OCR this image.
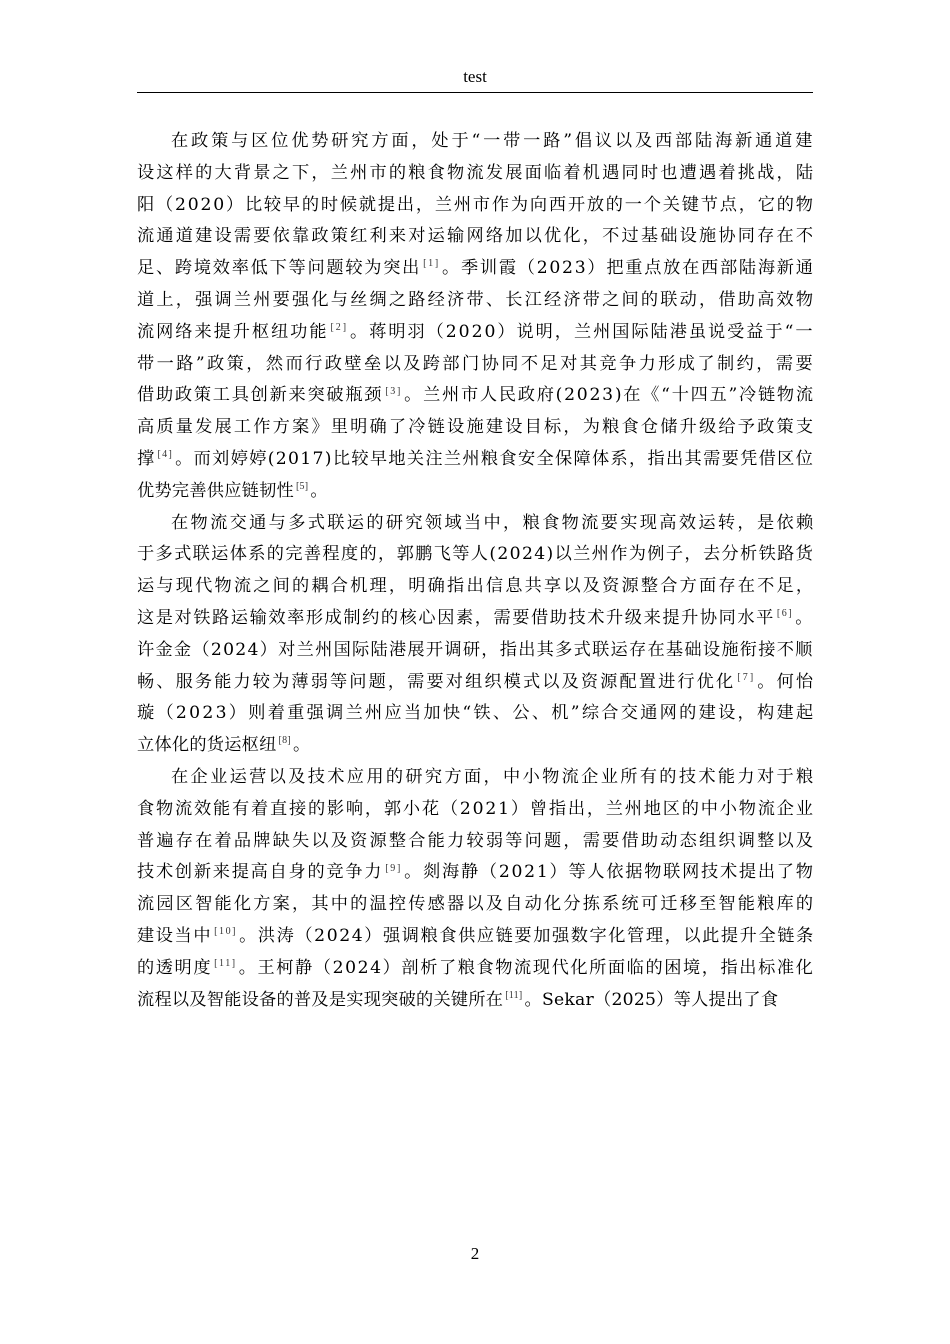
test
在政策与区位优势研究方面，处于“一带一路”倡议以及西部陆海新通道建
设这样的大背景之下，兰州市的粮食物流发展面临着机遇同时也遭遇着挑战，陆
阳（2020）比较早的时候就提出，兰州市作为向西开放的一个关键节点，它的物
流通道建设需要依靠政策红利来对运输网络加以优化，不过基础设施协同存在不
足、跨境效率低下等问题较为突出 [1] 。季训霞（2023）把重点放在西部陆海新通
道上，强调兰州要强化与丝绸之路经济带、长江经济带之间的联动，借助高效物
流网络来提升枢纽功能 [2] 。蒋明羽（2020）说明，兰州国际陆港虽说受益于“一
带一路”政策，然而行政壁垒以及跨部门协同不足对其竞争力形成了制约，需要
借助政策工具创新来突破瓶颈 [3] 。兰州市人民政府(2023)在《“十四五”冷链物流
高质量发展工作方案》里明确了冷链设施建设目标，为粮食仓储升级给予政策支
撑 [4] 。而刘婷婷(2017)比较早地关注兰州粮食安全保障体系，指出其需要凭借区位
优势完善供应链韧性 [5] 。
在物流交通与多式联运的研究领域当中，粮食物流要实现高效运转，是依赖
于多式联运体系的完善程度的，郭鹏飞等人(2024)以兰州作为例子，去分析铁路货
运与现代物流之间的耦合机理，明确指出信息共享以及资源整合方面存在不足，
这是对铁路运输效率形成制约的核心因素，需要借助技术升级来提升协同水平 [6] 。
许金金（2024）对兰州国际陆港展开调研，指出其多式联运存在基础设施衔接不顺
畅、服务能力较为薄弱等问题，需要对组织模式以及资源配置进行优化 [7] 。何怡
璇（2023）则着重强调兰州应当加快“铁、公、机”综合交通网的建设，构建起
立体化的货运枢纽 [8] 。
在企业运营以及技术应用的研究方面，中小物流企业所有的技术能力对于粮
食物流效能有着直接的影响，郭小花（2021）曾指出，兰州地区的中小物流企业
普遍存在着品牌缺失以及资源整合能力较弱等问题，需要借助动态组织调整以及
技术创新来提高自身的竞争力 [9] 。剡海静（2021）等人依据物联网技术提出了物
流园区智能化方案，其中的温控传感器以及自动化分拣系统可迁移至智能粮库的
建设当中 [10] 。洪涛（2024）强调粮食供应链要加强数字化管理，以此提升全链条
的透明度 [11] 。王柯静（2024）剖析了粮食物流现代化所面临的困境，指出标准化
流程以及智能设备的普及是实现突破的关键所在 [11] 。Sekar（2025）等人提出了食
2
